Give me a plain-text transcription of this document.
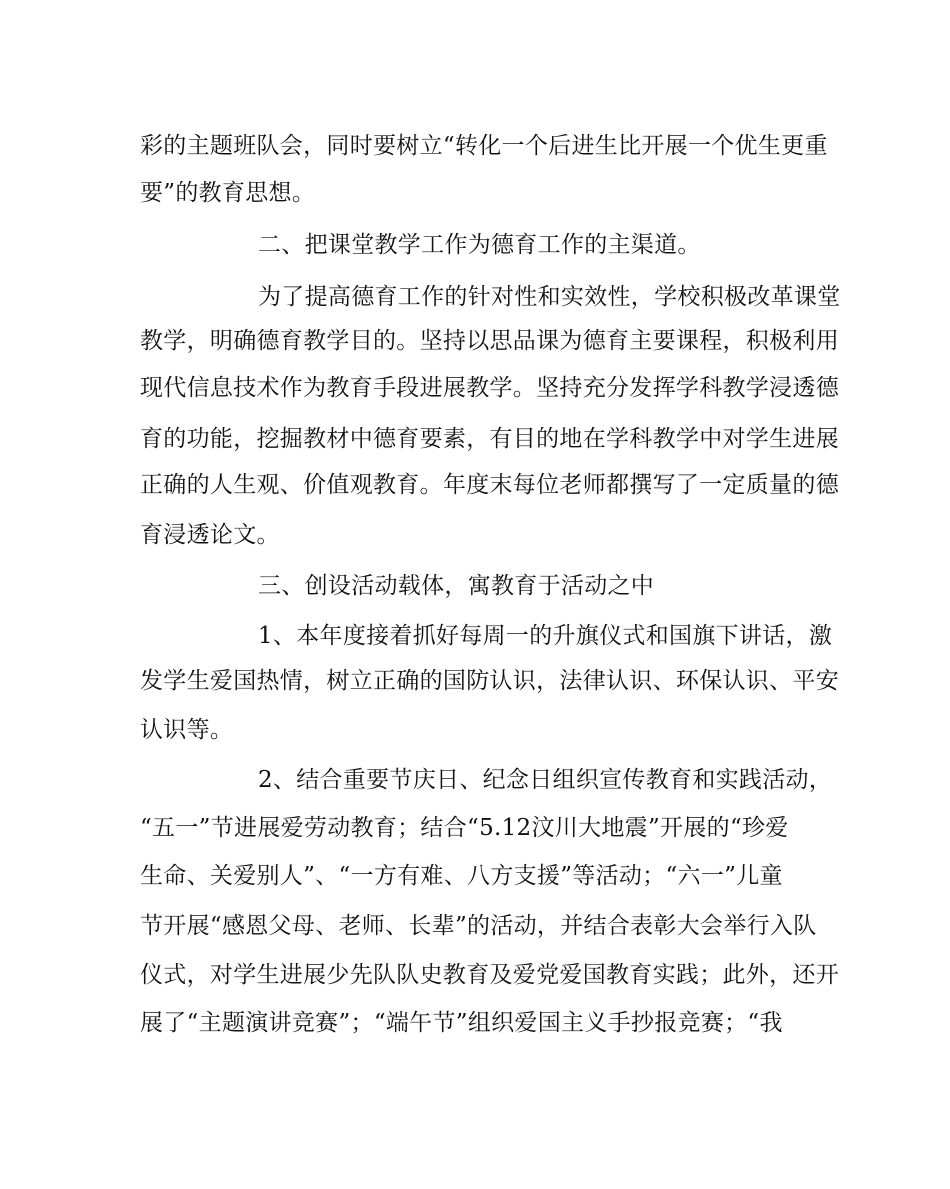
彩的主题班队会，同时要树立“转化一个后进生比开展一个优生更重
要”的教育思想。
二、把课堂教学工作为德育工作的主渠道。
为了提高德育工作的针对性和实效性，学校积极改革课堂
教学，明确德育教学目的。坚持以思品课为德育主要课程，积极利用
现代信息技术作为教育手段进展教学。坚持充分发挥学科教学浸透德
育的功能，挖掘教材中德育要素，有目的地在学科教学中对学生进展
正确的人生观、价值观教育。年度末每位老师都撰写了一定质量的德
育浸透论文。
三、创设活动载体，寓教育于活动之中
1、本年度接着抓好每周一的升旗仪式和国旗下讲话，激
发学生爱国热情，树立正确的国防认识，法律认识、环保认识、平安
认识等。
2、结合重要节庆日、纪念日组织宣传教育和实践活动，
“五一”节进展爱劳动教育；结合“5.12汶川大地震”开展的“珍爱
生命、关爱别人”、“一方有难、八方支援”等活动；“六一”儿童
节开展“感恩父母、老师、长辈”的活动，并结合表彰大会举行入队
仪式，对学生进展少先队队史教育及爱党爱国教育实践；此外，还开
展了“主题演讲竞赛”；“端午节”组织爱国主义手抄报竞赛；“我
